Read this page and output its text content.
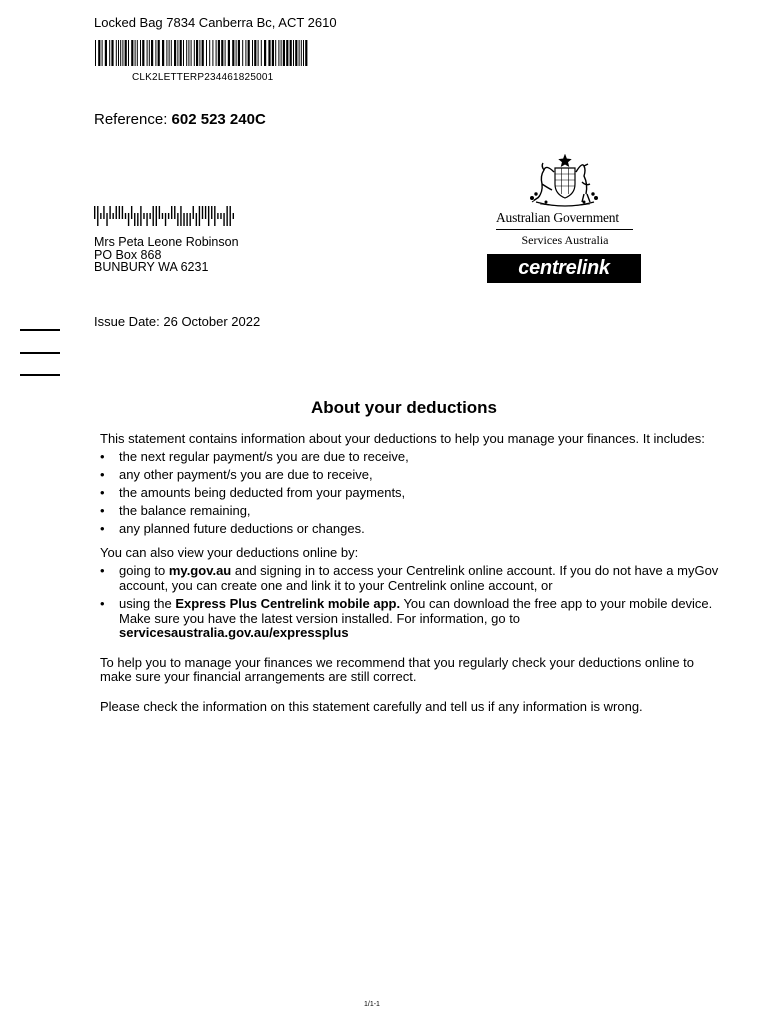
Locked Bag 7834 Canberra Bc, ACT 2610
CLK2LETTERP234461825001
Reference: 602 523 240C
Mrs Peta Leone Robinson
PO Box 868
BUNBURY WA 6231
Issue Date: 26 October 2022
Australian Government
Services Australia
centrelink
About your deductions

This statement contains information about your deductions to help you manage your finances. It includes:

• the next regular payment/s you are due to receive,
• any other payment/s you are due to receive,
• the amounts being deducted from your payments,
• the balance remaining,
• any planned future deductions or changes.

You can also view your deductions online by:

• going to my.gov.au and signing in to access your Centrelink online account. If you do not have a myGov account, you can create one and link it to your Centrelink online account, or
• using the Express Plus Centrelink mobile app. You can download the free app to your mobile device. Make sure you have the latest version installed. For information, go to servicesaustralia.gov.au/expressplus

To help you to manage your finances we recommend that you regularly check your deductions online to make sure your financial arrangements are still correct.

Please check the information on this statement carefully and tell us if any information is wrong.

1/1-1
